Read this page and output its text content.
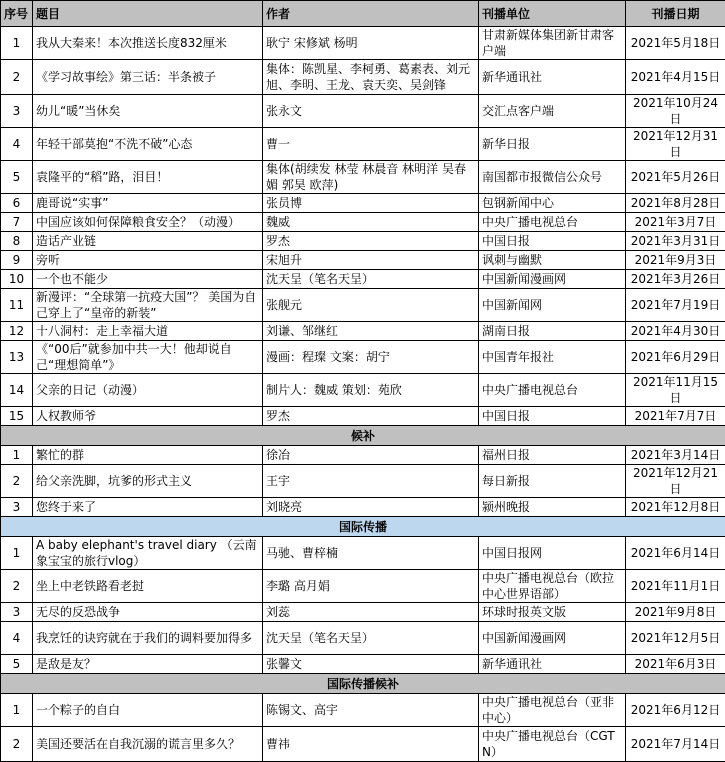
序号	题目	作者	刊播单位	刊播日期
1	我从大秦来！本次推送长度832厘米	耿宁 宋修斌 杨明	甘肃新媒体集团新甘肃客户端	2021年5月18日
2	《学习故事绘》第三话：半条被子	集体：陈凯星、李柯勇、葛素表、刘元旭、李明、王龙、袁天奕、吴剑锋	新华通讯社	2021年4月15日
3	幼儿“暖”当休矣	张永文	交汇点客户端	2021年10月24日
4	年轻干部莫抱“不洗不破”心态	曹一	新华日报	2021年12月31日
5	袁隆平的“稻”路，泪目！	集体(胡续发 林莹 林晨音 林明洋 吴春媚 郭昊 欧萍)	南国都市报微信公众号	2021年5月26日
6	鹿哥说“实事”	张员博	包钢新闻中心	2021年8月28日
7	中国应该如何保障粮食安全？（动漫）	魏威	中央广播电视总台	2021年3月7日
8	造话产业链	罗杰	中国日报	2021年3月31日
9	旁听	宋旭升	讽刺与幽默	2021年9月3日
10	一个也不能少	沈天呈（笔名天呈）	中国新闻漫画网	2021年3月26日
11	新漫评：“全球第一抗疫大国”？ 美国为自己穿上了“皇帝的新装”	张舰元	中国新闻网	2021年7月19日
12	十八洞村：走上幸福大道	刘谦、邹继红	湖南日报	2021年4月30日
13	《“00后”就参加中共一大！他却说自己“理想简单”》	漫画：程璨 文案：胡宁	中国青年报社	2021年6月29日
14	父亲的日记（动漫）	制片人：魏威 策划：苑欣	中央广播电视总台	2021年11月15日
15	人权教师爷	罗杰	中国日报	2021年7月7日
候补				
1	繁忙的群	徐冶	福州日报	2021年3月14日
2	给父亲洗脚，坑爹的形式主义	王宇	每日新报	2021年12月21日
3	您终于来了	刘晓亮	颍州晚报	2021年12月8日
国际传播				
1	A baby elephant's travel diary （云南象宝宝的旅行vlog）	马驰、曹梓楠	中国日报网	2021年6月14日
2	坐上中老铁路看老挝	李璐 高月娟	中央广播电视总台（欧拉中心世界语部）	2021年11月1日
3	无尽的反恐战争	刘蕊	环球时报英文版	2021年9月8日
4	我烹饪的诀窍就在于我们的调料要加得多	沈天呈（笔名天呈）	中国新闻漫画网	2021年12月5日
5	是敌是友？	张馨文	新华通讯社	2021年6月3日
国际传播候补				
1	一个粽子的自白	陈锡文、高宇	中央广播电视总台（亚非中心）	2021年6月12日
2	美国还要活在自我沉溺的谎言里多久？	曹祎	中央广播电视总台（CGTN）	2021年7月14日
